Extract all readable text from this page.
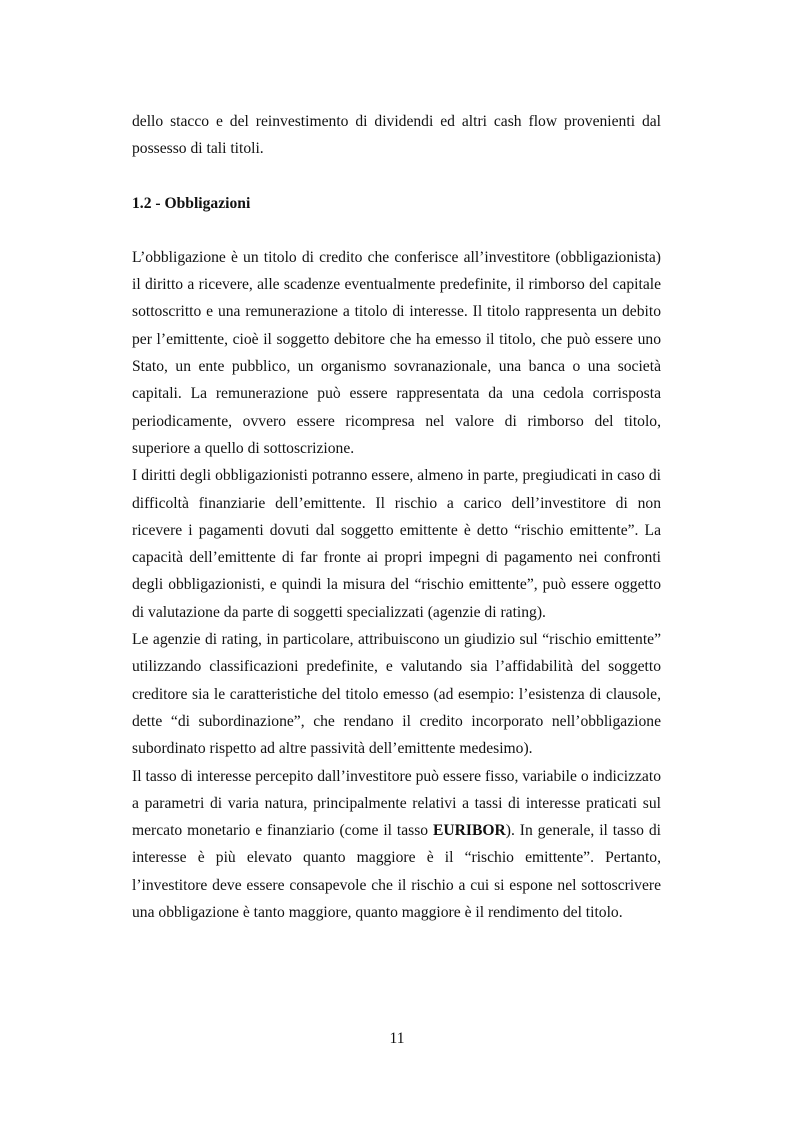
dello stacco e del reinvestimento di dividendi ed altri cash flow provenienti dal possesso di tali titoli.

1.2 - Obbligazioni

L’obbligazione è un titolo di credito che conferisce all’investitore (obbligazionista) il diritto a ricevere, alle scadenze eventualmente predefinite, il rimborso del capitale sottoscritto e una remunerazione a titolo di interesse. Il titolo rappresenta un debito per l’emittente, cioè il soggetto debitore che ha emesso il titolo, che può essere uno Stato, un ente pubblico, un organismo sovranazionale, una banca o una società capitali. La remunerazione può essere rappresentata da una cedola corrisposta periodicamente, ovvero essere ricompresa nel valore di rimborso del titolo, superiore a quello di sottoscrizione.

I diritti degli obbligazionisti potranno essere, almeno in parte, pregiudicati in caso di difficoltà finanziarie dell’emittente. Il rischio a carico dell’investitore di non ricevere i pagamenti dovuti dal soggetto emittente è detto “rischio emittente”. La capacità dell’emittente di far fronte ai propri impegni di pagamento nei confronti degli obbligazionisti, e quindi la misura del “rischio emittente”, può essere oggetto di valutazione da parte di soggetti specializzati (agenzie di rating).

Le agenzie di rating, in particolare, attribuiscono un giudizio sul “rischio emittente” utilizzando classificazioni predefinite, e valutando sia l’affidabilità del soggetto creditore sia le caratteristiche del titolo emesso (ad esempio: l’esistenza di clausole, dette “di subordinazione”, che rendano il credito incorporato nell’obbligazione subordinato rispetto ad altre passività dell’emittente medesimo).

Il tasso di interesse percepito dall’investitore può essere fisso, variabile o indicizzato a parametri di varia natura, principalmente relativi a tassi di interesse praticati sul mercato monetario e finanziario (come il tasso EURIBOR). In generale, il tasso di interesse è più elevato quanto maggiore è il “rischio emittente”. Pertanto, l’investitore deve essere consapevole che il rischio a cui si espone nel sottoscrivere una obbligazione è tanto maggiore, quanto maggiore è il rendimento del titolo.

11
